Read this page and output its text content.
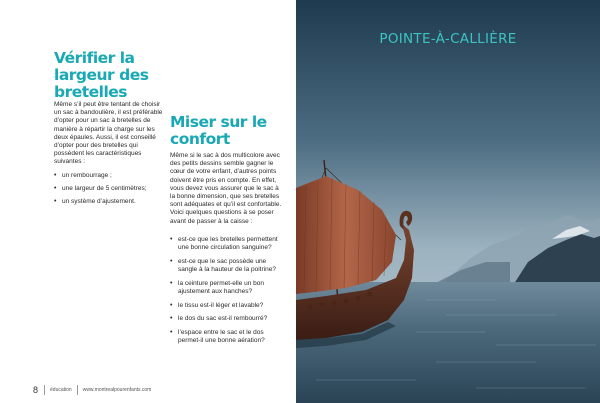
Vérifier la largeur des bretelles

Même s’il peut être tentant de choisir un sac à bandoulière, il est préférable d’opter pour un sac à bretelles de manière à répartir la charge sur les deux épaules. Aussi, il est conseillé d’opter pour des bretelles qui possèdent les caractéristiques suivantes :

• un rembourrage ;
• une largeur de 5 centimètres;
• un système d’ajustement.
Miser sur le confort

Même si le sac à dos multicolore avec des petits dessins semble gagner le cœur de votre enfant, d’autres points doivent être pris en compte. En effet, vous devez vous assurer que le sac à la bonne dimension, que ses bretelles sont adéquates et qu’il est confortable. Voici quelques questions à se poser avant de passer à la caisse :

• est-ce que les bretelles permettent une bonne circulation sanguine?
• est-ce que le sac possède une sangle à la hauteur de la poitrine?
• la ceinture permet-elle un bon ajustement aux hanches?
• le tissu est-il léger et lavable?
• le dos du sac est-il rembourré?
• l’espace entre le sac et le dos permet-il une bonne aération?
8 éducation www.montrealpourenfants.com
POINTE-À-CALLIÈRE
